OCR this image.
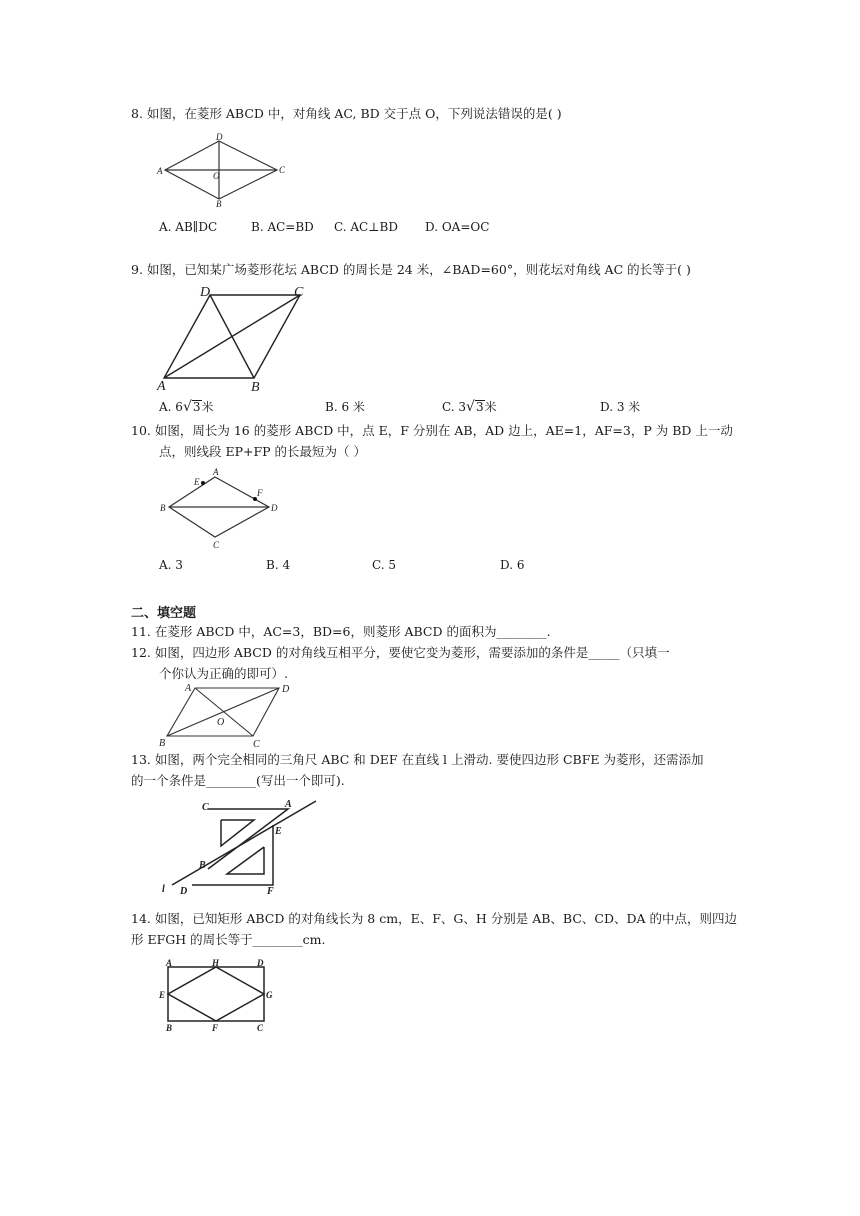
8. 如图，在菱形 ABCD 中，对角线 AC, BD 交于点 O，下列说法错误的是( )
A
D
C
B
O
A. AB∥DC	B. AC=BD C. AC⊥BD D. OA=OC
9. 如图，已知某广场菱形花坛 ABCD 的周长是 24 米，∠BAD=60°，则花坛对角线 AC 的长等于( )
A	B
C
D
A. 6√3米	B. 6 米	C. 3√3米	D. 3 米
10. 如图，周长为 16 的菱形 ABCD 中，点 E，F 分别在 AB，AD 边上，AE=1，AF=3，P 为 BD 上一动
点，则线段 EP+FP 的长最短为（ ）
A
B	D
C
E
F
A. 3	B. 4	C. 5	D. 6
二、填空题
11. 在菱形 ABCD 中，AC=3，BD=6，则菱形 ABCD 的面积为________.
12. 如图，四边形 ABCD 的对角线互相平分，要使它变为菱形，需要添加的条件是_____（只填一
个你认为正确的即可）.
A	D
B	C
O
13. 如图，两个完全相同的三角尺 ABC 和 DEF 在直线 l 上滑动. 要使四边形 CBFE 为菱形，还需添加
的一个条件是________(写出一个即可).
C	A
B
E
D	F
l
14. 如图，已知矩形 ABCD 的对角线长为 8 cm，E、F、G、H 分别是 AB、BC、CD、DA 的中点，则四边
形 EFGH 的周长等于________cm.
A	H	D
E	G
B	F	C
